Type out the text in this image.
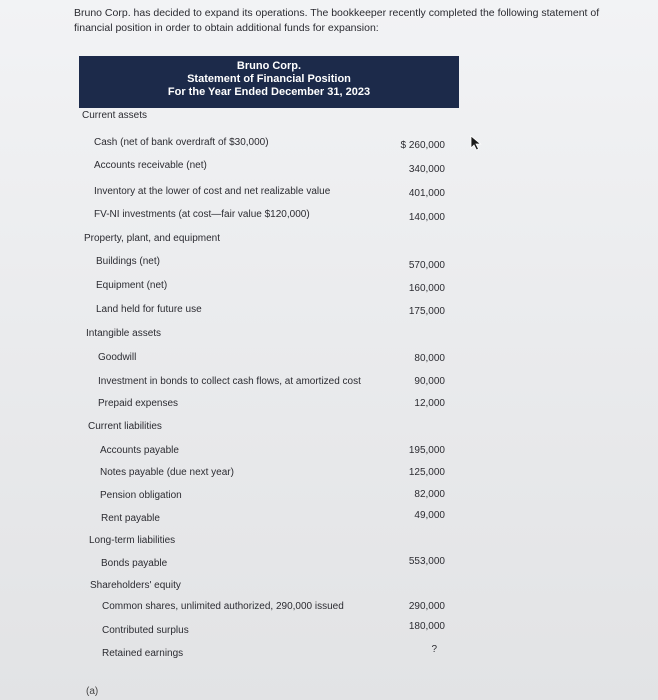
Bruno Corp. has decided to expand its operations. The bookkeeper recently completed the following statement of financial position in order to obtain additional funds for expansion:
Bruno Corp.
Statement of Financial Position
For the Year Ended December 31, 2023
Current assets
Cash (net of bank overdraft of $30,000)	$ 260,000
Accounts receivable (net)	340,000
Inventory at the lower of cost and net realizable value	401,000
FV-NI investments (at cost—fair value $120,000)	140,000
Property, plant, and equipment
Buildings (net)	570,000
Equipment (net)	160,000
Land held for future use	175,000
Intangible assets
Goodwill	80,000
Investment in bonds to collect cash flows, at amortized cost	90,000
Prepaid expenses	12,000
Current liabilities
Accounts payable	195,000
Notes payable (due next year)	125,000
Pension obligation	82,000
Rent payable	49,000
Long-term liabilities
Bonds payable	553,000
Shareholders' equity
Common shares, unlimited authorized, 290,000 issued	290,000
Contributed surplus	180,000
Retained earnings	?
(a)
